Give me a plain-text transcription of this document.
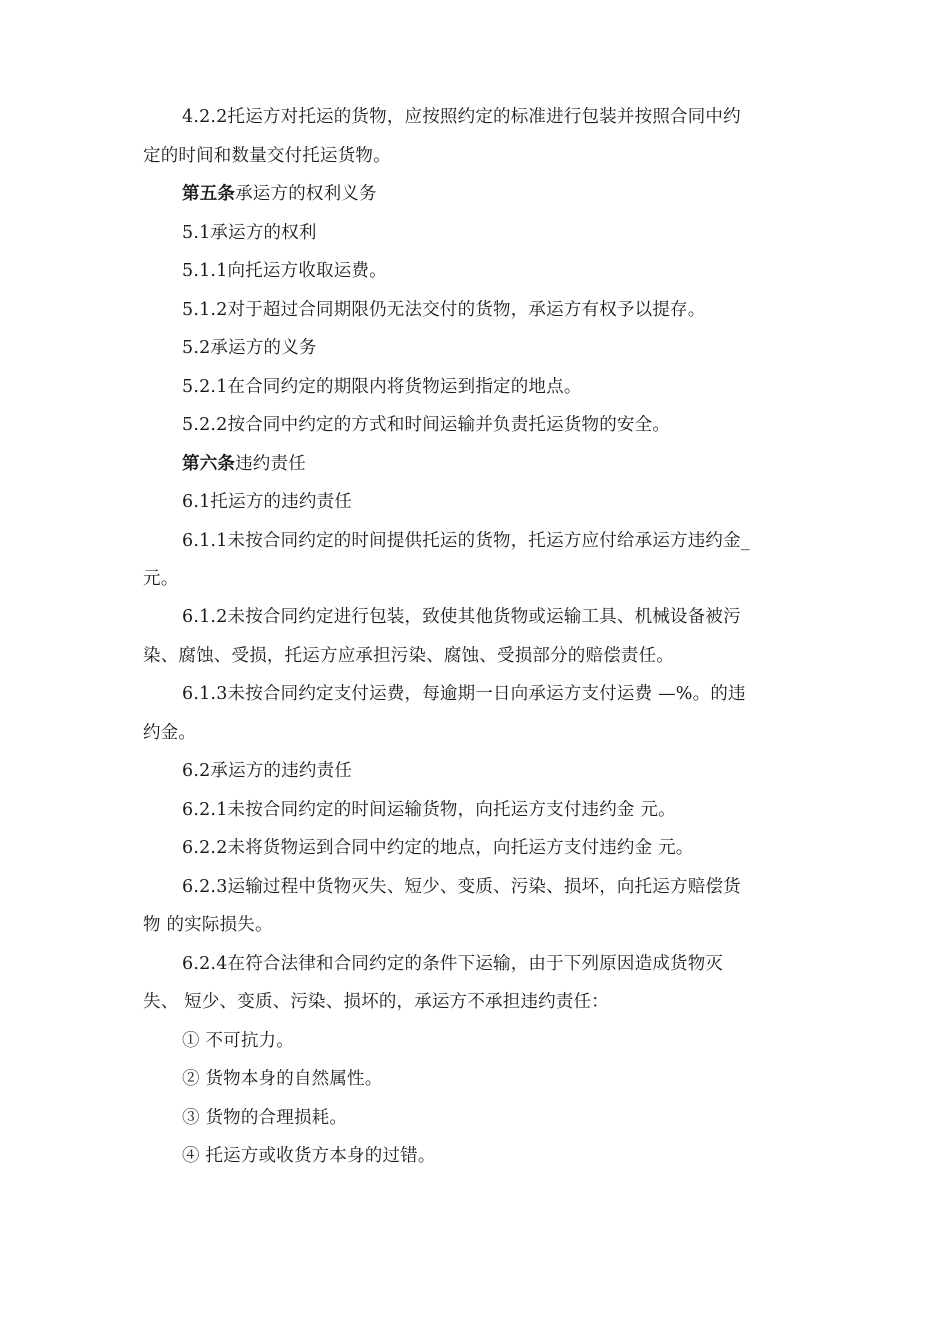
4.2.2托运方对托运的货物，应按照约定的标准进行包装并按照合同中约
定的时间和数量交付托运货物。
第五条承运方的权利义务
5.1承运方的权利
5.1.1向托运方收取运费。
5.1.2对于超过合同期限仍无法交付的货物，承运方有权予以提存。
5.2承运方的义务
5.2.1在合同约定的期限内将货物运到指定的地点。
5.2.2按合同中约定的方式和时间运输并负责托运货物的安全。
第六条违约责任
6.1托运方的违约责任
6.1.1未按合同约定的时间提供托运的货物，托运方应付给承运方违约金_
元。
6.1.2未按合同约定进行包装，致使其他货物或运输工具、机械设备被污
染、腐蚀、受损，托运方应承担污染、腐蚀、受损部分的赔偿责任。
6.1.3未按合同约定支付运费，每逾期一日向承运方支付运费 —%。的违
约金。
6.2承运方的违约责任
6.2.1未按合同约定的时间运输货物，向托运方支付违约金 元。
6.2.2未将货物运到合同中约定的地点，向托运方支付违约金 元。
6.2.3运输过程中货物灭失、短少、变质、污染、损坏，向托运方赔偿货
物 的实际损失。
6.2.4在符合法律和合同约定的条件下运输，由于下列原因造成货物灭
失、 短少、变质、污染、损坏的，承运方不承担违约责任：
① 不可抗力。
② 货物本身的自然属性。
③ 货物的合理损耗。
④ 托运方或收货方本身的过错。
